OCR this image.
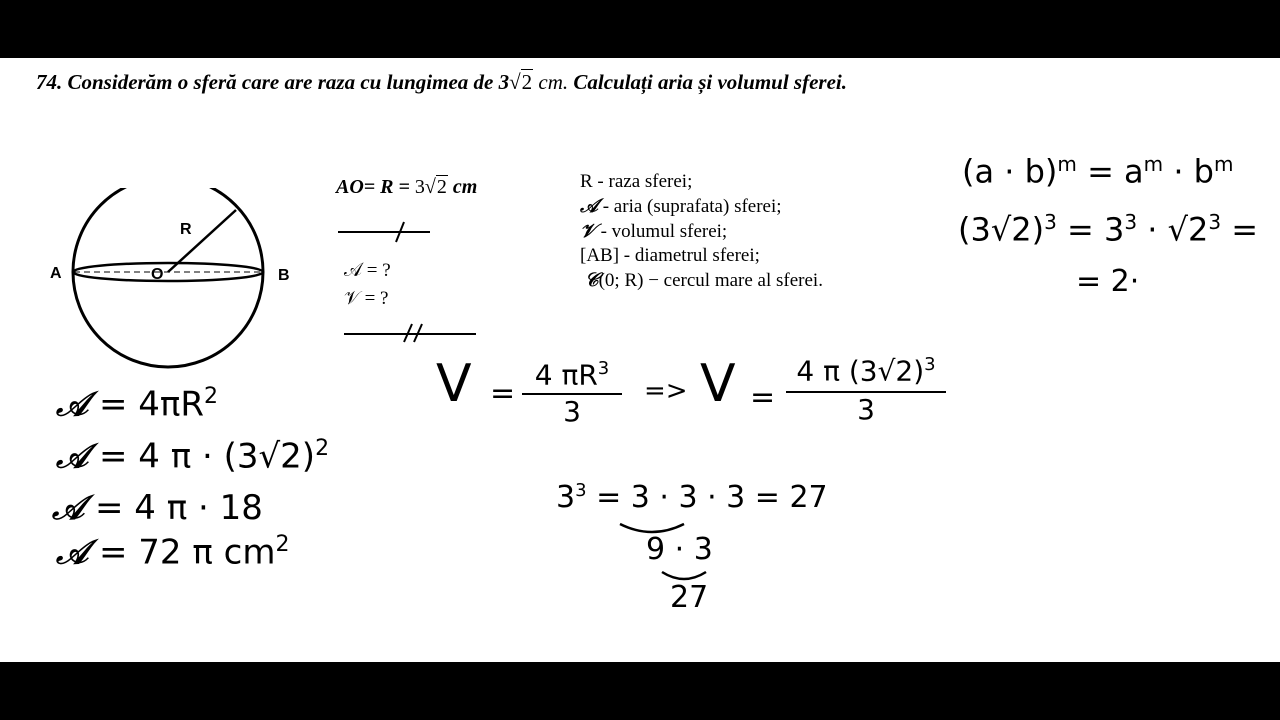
74. Considerăm o sferă care are raza cu lungimea de 3√2 cm. Calculați aria și volumul sferei.
A	B
O
R
AO= R = 3√2 cm
𝒜 = ?
𝒱 = ?
R - raza sferei;
𝒜 - aria (suprafata) sferei;
𝒱 - volumul sferei;
[AB] - diametrul sferei;
𝒞(0; R) − cercul mare al sferei.
$(a \cdot b)^m = a^m \cdot b^m$
$(3√2)^3 = 3^3 \cdot √2^3$ =
= 2·
𝒜 = $4\pi R^2$
𝒜 = 4 $\pi \cdot (3√2)^2$
𝒜 = 4 π · 18
𝒜 = 72 π $cm^2$
V =
4 $\pi R^3$
3
=> V =
4 π $(3√2)^3$
3
$3^3 = 3 \cdot 3 \cdot 3 = 27$
9 · 3
27
